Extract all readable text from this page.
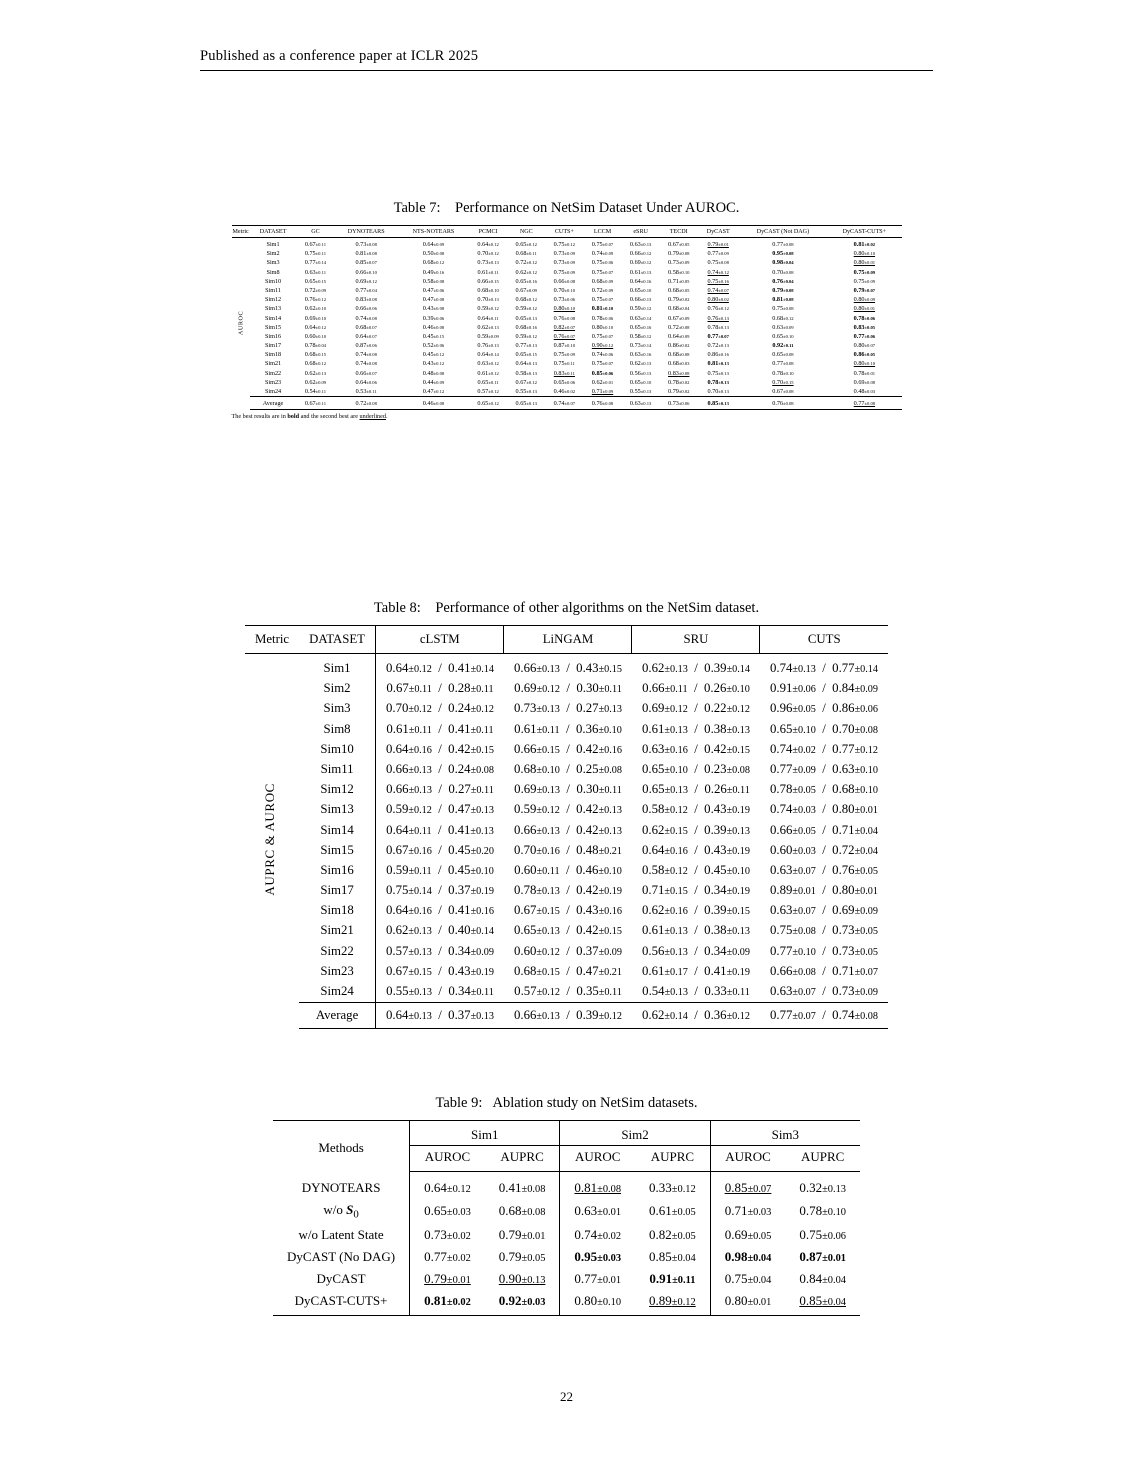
Published as a conference paper at ICLR 2025
Table 7: Performance on NetSim Dataset Under AUROC.
Metric	DATASET	GC	DYNOTEARS	NTS-NOTEARS	PCMCI	NGC	CUTS+	LCCM	eSRU	TECDI	DyCAST	DyCAST (Not DAG)	DyCAST-CUTS+
AUROC	Sim1	0.67±0.11	0.73±0.08	0.64±0.09	0.64±0.12	0.65±0.12	0.75±0.12	0.75±0.07	0.63±0.13	0.67±0.05	0.79±0.01	0.77±0.08	0.81±0.02
	Sim2	0.75±0.11	0.81±0.08	0.50±0.08	0.70±0.12	0.68±0.11	0.73±0.09	0.74±0.09	0.66±0.12	0.79±0.08	0.77±0.09	0.95±0.08	0.80±0.10
	Sim3	0.77±0.14	0.85±0.07	0.68±0.12	0.73±0.13	0.72±0.12	0.73±0.09	0.75±0.06	0.69±0.12	0.73±0.09	0.75±0.08	0.98±0.04	0.80±0.01
	Sim8	0.63±0.11	0.66±0.10	0.49±0.16	0.61±0.11	0.62±0.12	0.75±0.09	0.75±0.07	0.61±0.13	0.58±0.10	0.74±0.12	0.70±0.08	0.75±0.09
	Sim10	0.65±0.15	0.69±0.12	0.58±0.08	0.66±0.15	0.65±0.16	0.66±0.08	0.68±0.09	0.64±0.16	0.71±0.05	0.75±0.16	0.76±0.04	0.75±0.09
	Sim11	0.72±0.09	0.77±0.04	0.47±0.06	0.68±0.10	0.67±0.09	0.70±0.10	0.72±0.09	0.65±0.10	0.68±0.05	0.74±0.07	0.79±0.08	0.79±0.07
	Sim12	0.76±0.12	0.83±0.08	0.47±0.08	0.70±0.13	0.68±0.12	0.73±0.06	0.75±0.07	0.66±0.13	0.79±0.02	0.80±0.02	0.81±0.08	0.80±0.09
	Sim13	0.62±0.10	0.66±0.06	0.43±0.08	0.59±0.12	0.59±0.12	0.80±0.10	0.81±0.10	0.59±0.12	0.68±0.04	0.76±0.12	0.75±0.08	0.80±0.01
	Sim14	0.69±0.10	0.74±0.08	0.39±0.06	0.64±0.11	0.65±0.13	0.76±0.08	0.78±0.06	0.63±0.14	0.67±0.09	0.76±0.13	0.68±0.12	0.78±0.06
	Sim15	0.64±0.12	0.68±0.07	0.46±0.08	0.62±0.13	0.68±0.16	0.82±0.07	0.80±0.10	0.65±0.16	0.72±0.08	0.78±0.13	0.63±0.09	0.83±0.05
	Sim16	0.60±0.10	0.64±0.07	0.45±0.15	0.59±0.09	0.59±0.12	0.76±0.07	0.75±0.07	0.58±0.12	0.64±0.09	0.77±0.07	0.65±0.10	0.77±0.06
	Sim17	0.78±0.04	0.87±0.06	0.52±0.06	0.76±0.13	0.77±0.13	0.87±0.10	0.90±0.12	0.73±0.14	0.86±0.02	0.72±0.13	0.92±0.11	0.80±0.07
	Sim18	0.68±0.15	0.74±0.08	0.45±0.12	0.64±0.14	0.65±0.15	0.75±0.09	0.74±0.06	0.63±0.16	0.68±0.08	0.86±0.16	0.65±0.08	0.86±0.05
	Sim21	0.68±0.12	0.74±0.08	0.43±0.12	0.63±0.12	0.64±0.13	0.75±0.11	0.75±0.07	0.62±0.13	0.68±0.03	0.81±0.13	0.77±0.08	0.80±0.10
	Sim22	0.62±0.13	0.66±0.07	0.48±0.08	0.61±0.12	0.58±0.13	0.83±0.11	0.85±0.06	0.56±0.13	0.83±0.08	0.75±0.13	0.78±0.10	0.78±0.01
	Sim23	0.62±0.09	0.64±0.06	0.44±0.09	0.65±0.11	0.67±0.12	0.65±0.06	0.62±0.01	0.65±0.10	0.78±0.02	0.78±0.13	0.70±0.15	0.69±0.08
	Sim24	0.54±0.11	0.53±0.11	0.47±0.12	0.57±0.12	0.55±0.13	0.46±0.02	0.71±0.09	0.55±0.13	0.79±0.02	0.70±0.13	0.67±0.08	0.48±0.03
	Average	0.67±0.11	0.72±0.08	0.46±0.08	0.65±0.12	0.65±0.13	0.74±0.07	0.76±0.08	0.63±0.13	0.73±0.06	0.85±0.13	0.76±0.08	0.77±0.08
The best results are in bold and the second best are underlined.
Table 8: Performance of other algorithms on the NetSim dataset.
Metric	DATASET	cLSTM	LiNGAM	SRU	CUTS
AUPRC & AUROC	Sim1	0.64±0.12  /  0.41±0.14	0.66±0.13  /  0.43±0.15	0.62±0.13  /  0.39±0.14	0.74±0.13  /  0.77±0.14
	Sim2	0.67±0.11  /  0.28±0.11	0.69±0.12  /  0.30±0.11	0.66±0.11  /  0.26±0.10	0.91±0.06  /  0.84±0.09
	Sim3	0.70±0.12  /  0.24±0.12	0.73±0.13  /  0.27±0.13	0.69±0.12  /  0.22±0.12	0.96±0.05  /  0.86±0.06
	Sim8	0.61±0.11  /  0.41±0.11	0.61±0.11  /  0.36±0.10	0.61±0.13  /  0.38±0.13	0.65±0.10  /  0.70±0.08
	Sim10	0.64±0.16  /  0.42±0.15	0.66±0.15  /  0.42±0.16	0.63±0.16  /  0.42±0.15	0.74±0.02  /  0.77±0.12
	Sim11	0.66±0.13  /  0.24±0.08	0.68±0.10  /  0.25±0.08	0.65±0.10  /  0.23±0.08	0.77±0.09  /  0.63±0.10
	Sim12	0.66±0.13  /  0.27±0.11	0.69±0.13  /  0.30±0.11	0.65±0.13  /  0.26±0.11	0.78±0.05  /  0.68±0.10
	Sim13	0.59±0.12  /  0.47±0.13	0.59±0.12  /  0.42±0.13	0.58±0.12  /  0.43±0.19	0.74±0.03  /  0.80±0.01
	Sim14	0.64±0.11  /  0.41±0.13	0.66±0.13  /  0.42±0.13	0.62±0.15  /  0.39±0.13	0.66±0.05  /  0.71±0.04
	Sim15	0.67±0.16  /  0.45±0.20	0.70±0.16  /  0.48±0.21	0.64±0.16  /  0.43±0.19	0.60±0.03  /  0.72±0.04
	Sim16	0.59±0.11  /  0.45±0.10	0.60±0.11  /  0.46±0.10	0.58±0.12  /  0.45±0.10	0.63±0.07  /  0.76±0.05
	Sim17	0.75±0.14  /  0.37±0.19	0.78±0.13  /  0.42±0.19	0.71±0.15  /  0.34±0.19	0.89±0.01  /  0.80±0.01
	Sim18	0.64±0.16  /  0.41±0.16	0.67±0.15  /  0.43±0.16	0.62±0.16  /  0.39±0.15	0.63±0.07  /  0.69±0.09
	Sim21	0.62±0.13  /  0.40±0.14	0.65±0.13  /  0.42±0.15	0.61±0.13  /  0.38±0.13	0.75±0.08  /  0.73±0.05
	Sim22	0.57±0.13  /  0.34±0.09	0.60±0.12  /  0.37±0.09	0.56±0.13  /  0.34±0.09	0.77±0.10  /  0.73±0.05
	Sim23	0.67±0.15  /  0.43±0.19	0.68±0.15  /  0.47±0.21	0.61±0.17  /  0.41±0.19	0.66±0.08  /  0.71±0.07
	Sim24	0.55±0.13  /  0.34±0.11	0.57±0.12  /  0.35±0.11	0.54±0.13  /  0.33±0.11	0.63±0.07  /  0.73±0.09
	Average	0.64±0.13  /  0.37±0.13	0.66±0.13  /  0.39±0.12	0.62±0.14  /  0.36±0.12	0.77±0.07  /  0.74±0.08
Table 9: Ablation study on NetSim datasets.
Methods	Sim1		Sim2		Sim3	
	AUROC	AUPRC	AUROC	AUPRC	AUROC	AUPRC
DYNOTEARS	0.64±0.12	0.41±0.08	0.81±0.08	0.33±0.12	0.85±0.07	0.32±0.13
w/o $S_0$	0.65±0.03	0.68±0.08	0.63±0.01	0.61±0.05	0.71±0.03	0.78±0.10
w/o Latent State	0.73±0.02	0.79±0.01	0.74±0.02	0.82±0.05	0.69±0.05	0.75±0.06
DyCAST (No DAG)	0.77±0.02	0.79±0.05	0.95±0.03	0.85±0.04	0.98±0.04	0.87±0.01
DyCAST	0.79±0.01	0.90±0.13	0.77±0.01	0.91±0.11	0.75±0.04	0.84±0.04
DyCAST-CUTS+	0.81±0.02	0.92±0.03	0.80±0.10	0.89±0.12	0.80±0.01	0.85±0.04
22
